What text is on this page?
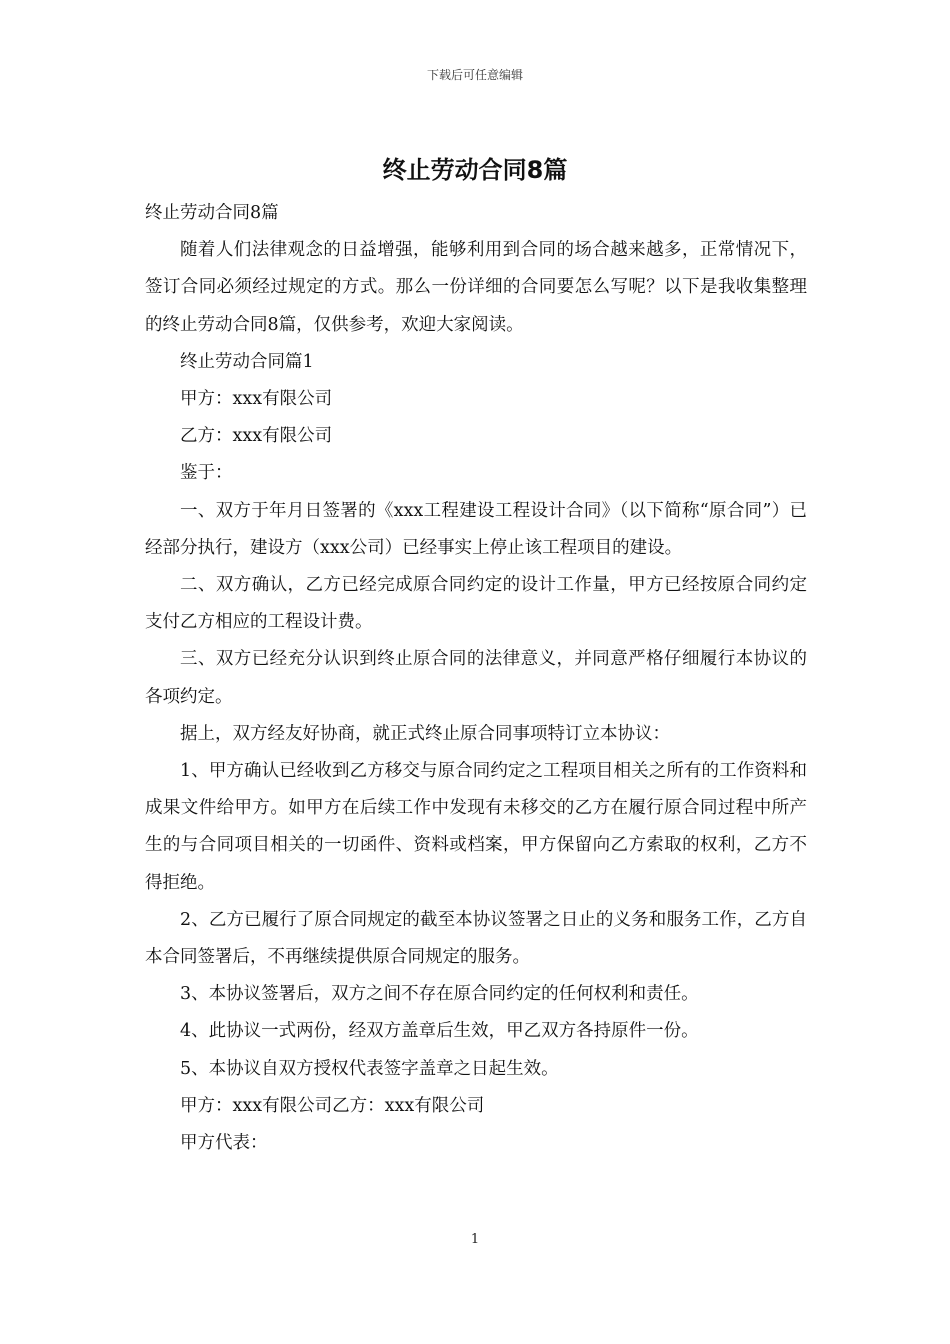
下载后可任意编辑
终止劳动合同8篇

终止劳动合同8篇

随着人们法律观念的日益增强，能够利用到合同的场合越来越多，正常情况下，签订合同必须经过规定的方式。那么一份详细的合同要怎么写呢？以下是我收集整理的终止劳动合同8篇，仅供参考，欢迎大家阅读。

终止劳动合同篇1

甲方：xxx有限公司

乙方：xxx有限公司

鉴于：

一、双方于年月日签署的《xxx工程建设工程设计合同》（以下简称“原合同”）已经部分执行，建设方（xxx公司）已经事实上停止该工程项目的建设。

二、双方确认，乙方已经完成原合同约定的设计工作量，甲方已经按原合同约定支付乙方相应的工程设计费。

三、双方已经充分认识到终止原合同的法律意义，并同意严格仔细履行本协议的各项约定。

据上，双方经友好协商，就正式终止原合同事项特订立本协议：

1、甲方确认已经收到乙方移交与原合同约定之工程项目相关之所有的工作资料和成果文件给甲方。如甲方在后续工作中发现有未移交的乙方在履行原合同过程中所产生的与合同项目相关的一切函件、资料或档案，甲方保留向乙方索取的权利，乙方不得拒绝。

2、乙方已履行了原合同规定的截至本协议签署之日止的义务和服务工作，乙方自本合同签署后，不再继续提供原合同规定的服务。

3、本协议签署后，双方之间不存在原合同约定的任何权利和责任。

4、此协议一式两份，经双方盖章后生效，甲乙双方各持原件一份。

5、本协议自双方授权代表签字盖章之日起生效。

甲方：xxx有限公司乙方：xxx有限公司

甲方代表：

1
